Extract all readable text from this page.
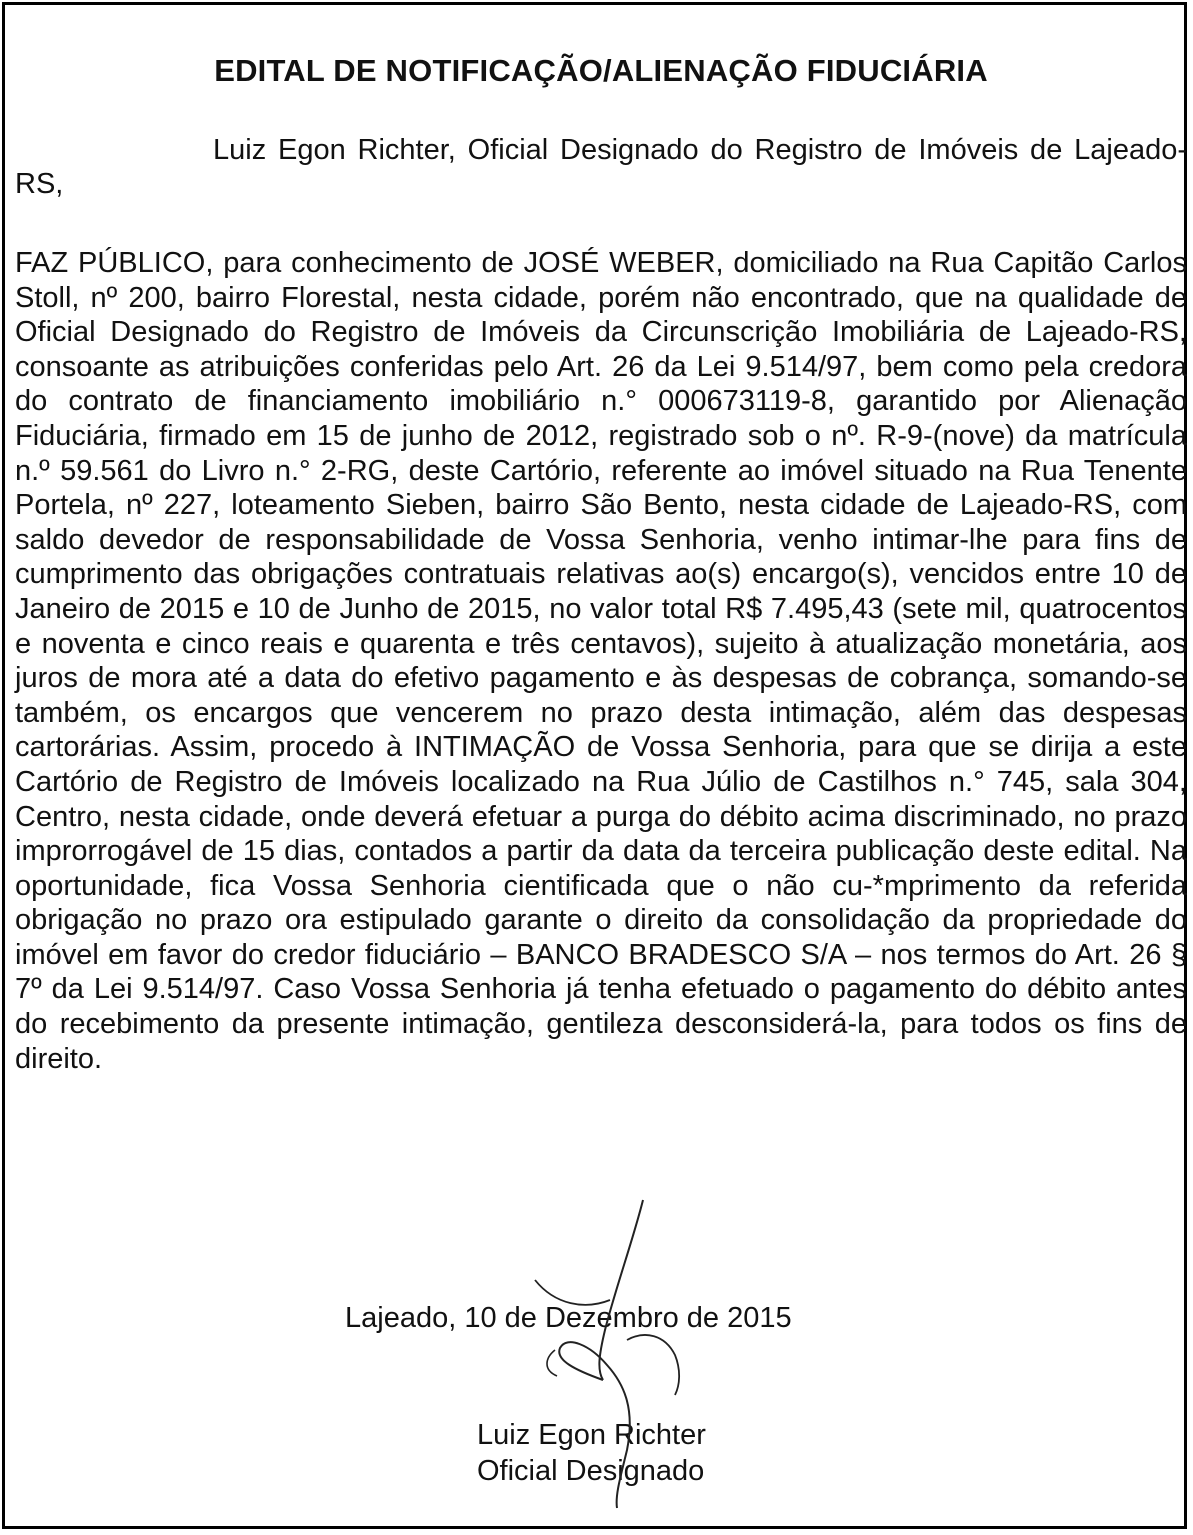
EDITAL DE NOTIFICAÇÃO/ALIENAÇÃO FIDUCIÁRIA

Luiz Egon Richter, Oficial Designado do Registro de Imóveis de Lajeado-RS,

FAZ PÚBLICO, para conhecimento de JOSÉ WEBER, domiciliado na Rua Capitão Carlos Stoll, nº 200, bairro Florestal, nesta cidade, porém não encontrado, que na qualidade de Oficial Designado do Registro de Imóveis da Circunscrição Imobiliária de Lajeado-RS, consoante as atribuições conferidas pelo Art. 26 da Lei 9.514/97, bem como pela credora do contrato de financiamento imobiliário n.° 000673119-8, garantido por Alienação Fiduciária, firmado em 15 de junho de 2012, registrado sob o nº. R-9-(nove) da matrícula n.º 59.561 do Livro n.° 2-RG, deste Cartório, referente ao imóvel situado na Rua Tenente Portela, nº 227, loteamento Sieben, bairro São Bento, nesta cidade de Lajeado-RS, com saldo devedor de responsabilidade de Vossa Senhoria, venho intimar-lhe para fins de cumprimento das obrigações contratuais relativas ao(s) encargo(s), vencidos entre 10 de Janeiro de 2015 e 10 de Junho de 2015, no valor total R$ 7.495,43 (sete mil, quatrocentos e noventa e cinco reais e quarenta e três centavos), sujeito à atualização monetária, aos juros de mora até a data do efetivo pagamento e às despesas de cobrança, somando-se também, os encargos que vencerem no prazo desta intimação, além das despesas cartorárias. Assim, procedo à INTIMAÇÃO de Vossa Senhoria, para que se dirija a este Cartório de Registro de Imóveis localizado na Rua Júlio de Castilhos n.° 745, sala 304, Centro, nesta cidade, onde deverá efetuar a purga do débito acima discriminado, no prazo improrrogável de 15 dias, contados a partir da data da terceira publicação deste edital. Na oportunidade, fica Vossa Senhoria cientificada que o não cu-*mprimento da referida obrigação no prazo ora estipulado garante o direito da consolidação da propriedade do imóvel em favor do credor fiduciário – BANCO BRADESCO S/A – nos termos do Art. 26 § 7º da Lei 9.514/97. Caso Vossa Senhoria já tenha efetuado o pagamento do débito antes do recebimento da presente intimação, gentileza desconsiderá-la, para todos os fins de direito.

Lajeado, 10 de Dezembro de 2015
Luiz Egon Richter
Oficial Designado
